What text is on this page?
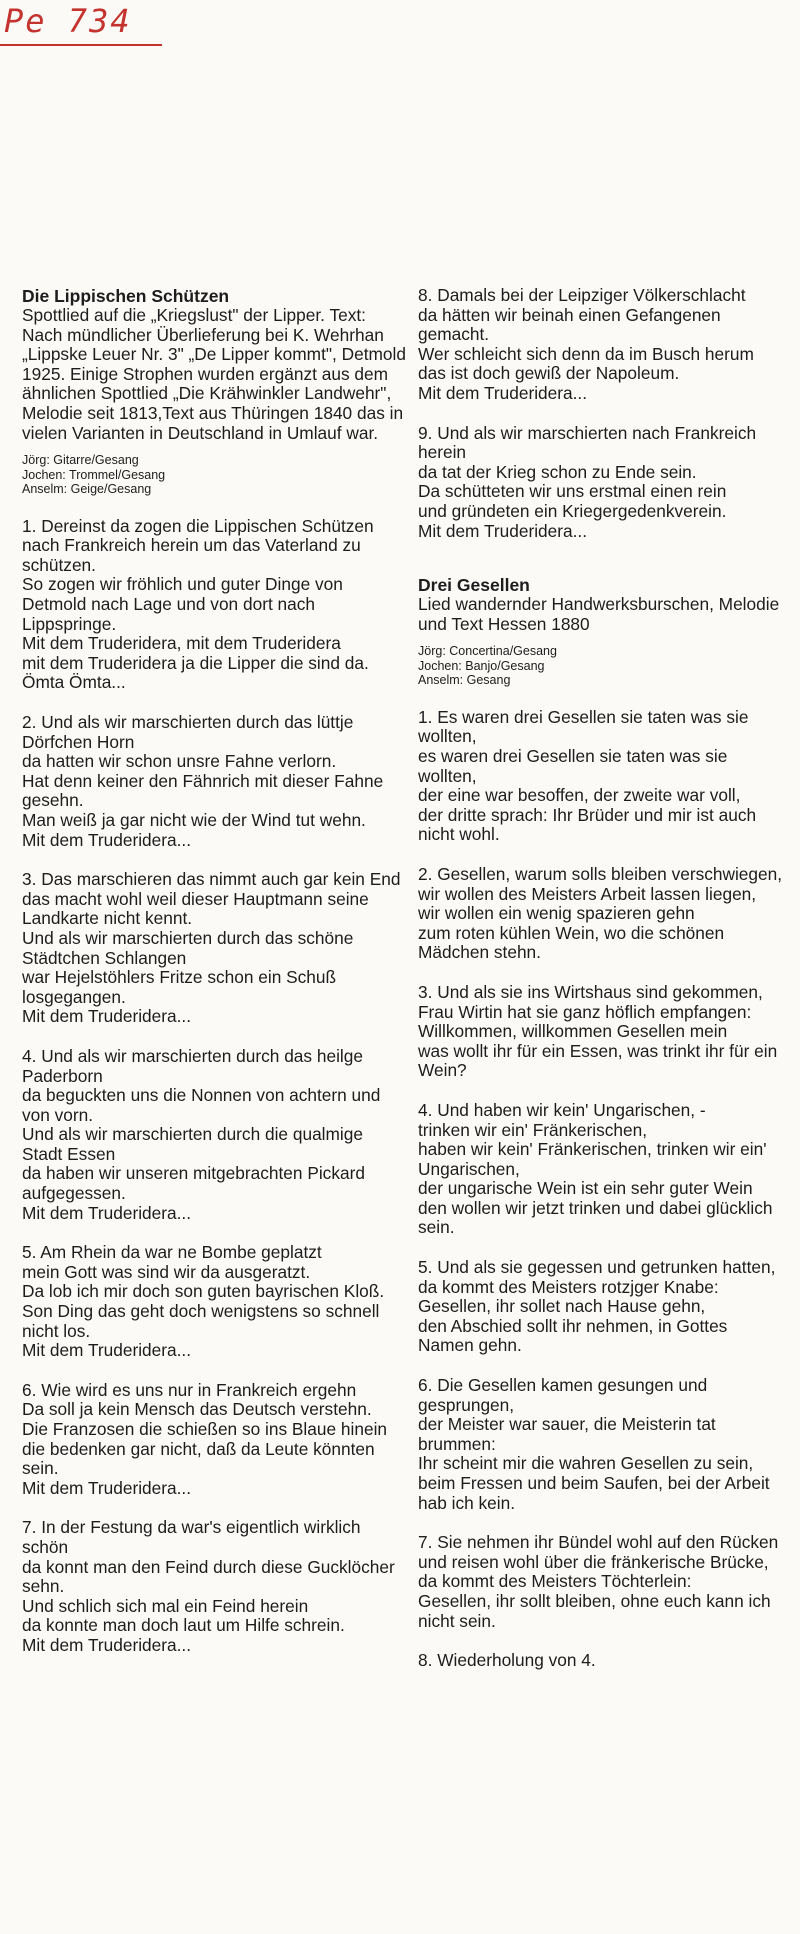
Pe 734
Die Lippischen Schützen

Spottlied auf die „Kriegslust" der Lipper. Text: Nach mündlicher Überlieferung bei K. Wehrhan „Lippske Leuer Nr. 3" „De Lipper kommt", Detmold 1925. Einige Strophen wurden ergänzt aus dem ähnlichen Spottlied „Die Krähwinkler Landwehr", Melodie seit 1813,Text aus Thüringen 1840 das in vielen Varianten in Deutschland in Umlauf war.

Jörg: Gitarre/Gesang
Jochen: Trommel/Gesang
Anselm: Geige/Gesang
1. Dereinst da zogen die Lippischen Schützen
nach Frankreich herein um das Vaterland zu schützen.
So zogen wir fröhlich und guter Dinge von Detmold nach Lage und von dort nach Lippspringe.
Mit dem Truderidera, mit dem Truderidera
mit dem Truderidera ja die Lipper die sind da.
Ömta Ömta...
2. Und als wir marschierten durch das lüttje Dörfchen Horn
da hatten wir schon unsre Fahne verlorn.
Hat denn keiner den Fähnrich mit dieser Fahne gesehn.
Man weiß ja gar nicht wie der Wind tut wehn.
Mit dem Truderidera...
3. Das marschieren das nimmt auch gar kein End
das macht wohl weil dieser Hauptmann seine Landkarte nicht kennt.
Und als wir marschierten durch das schöne Städtchen Schlangen
war Hejelstöhlers Fritze schon ein Schuß losgegangen.
Mit dem Truderidera...
4. Und als wir marschierten durch das heilge Paderborn
da beguckten uns die Nonnen von achtern und von vorn.
Und als wir marschierten durch die qualmige Stadt Essen
da haben wir unseren mitgebrachten Pickard aufgegessen.
Mit dem Truderidera...
5. Am Rhein da war ne Bombe geplatzt
mein Gott was sind wir da ausgeratzt.
Da lob ich mir doch son guten bayrischen Kloß.
Son Ding das geht doch wenigstens so schnell nicht los.
Mit dem Truderidera...
6. Wie wird es uns nur in Frankreich ergehn
Da soll ja kein Mensch das Deutsch verstehn.
Die Franzosen die schießen so ins Blaue hinein
die bedenken gar nicht, daß da Leute könnten sein.
Mit dem Truderidera...
7. In der Festung da war's eigentlich wirklich schön
da konnt man den Feind durch diese Gucklöcher sehn.
Und schlich sich mal ein Feind herein
da konnte man doch laut um Hilfe schrein.
Mit dem Truderidera...
8. Damals bei der Leipziger Völkerschlacht
da hätten wir beinah einen Gefangenen gemacht.
Wer schleicht sich denn da im Busch herum
das ist doch gewiß der Napoleum.
Mit dem Truderidera...
9. Und als wir marschierten nach Frankreich herein
da tat der Krieg schon zu Ende sein.
Da schütteten wir uns erstmal einen rein
und gründeten ein Kriegergedenkverein.
Mit dem Truderidera...
Drei Gesellen

Lied wandernder Handwerksburschen, Melodie und Text Hessen 1880

Jörg: Concertina/Gesang
Jochen: Banjo/Gesang
Anselm: Gesang
1. Es waren drei Gesellen sie taten was sie wollten,
es waren drei Gesellen sie taten was sie wollten,
der eine war besoffen, der zweite war voll,
der dritte sprach: Ihr Brüder und mir ist auch nicht wohl.
2. Gesellen, warum solls bleiben verschwiegen,
wir wollen des Meisters Arbeit lassen liegen,
wir wollen ein wenig spazieren gehn
zum roten kühlen Wein, wo die schönen Mädchen stehn.
3. Und als sie ins Wirtshaus sind gekommen,
Frau Wirtin hat sie ganz höflich empfangen:
Willkommen, willkommen Gesellen mein
was wollt ihr für ein Essen, was trinkt ihr für ein Wein?
4. Und haben wir kein' Ungarischen, -
trinken wir ein' Fränkerischen,
haben wir kein' Fränkerischen, trinken wir ein' Ungarischen,
der ungarische Wein ist ein sehr guter Wein
den wollen wir jetzt trinken und dabei glücklich sein.
5. Und als sie gegessen und getrunken hatten,
da kommt des Meisters rotzjger Knabe:
Gesellen, ihr sollet nach Hause gehn,
den Abschied sollt ihr nehmen, in Gottes Namen gehn.
6. Die Gesellen kamen gesungen und gesprungen,
der Meister war sauer, die Meisterin tat brummen:
Ihr scheint mir die wahren Gesellen zu sein,
beim Fressen und beim Saufen, bei der Arbeit hab ich kein.
7. Sie nehmen ihr Bündel wohl auf den Rücken
und reisen wohl über die fränkerische Brücke,
da kommt des Meisters Töchterlein:
Gesellen, ihr sollt bleiben, ohne euch kann ich nicht sein.
8. Wiederholung von 4.
